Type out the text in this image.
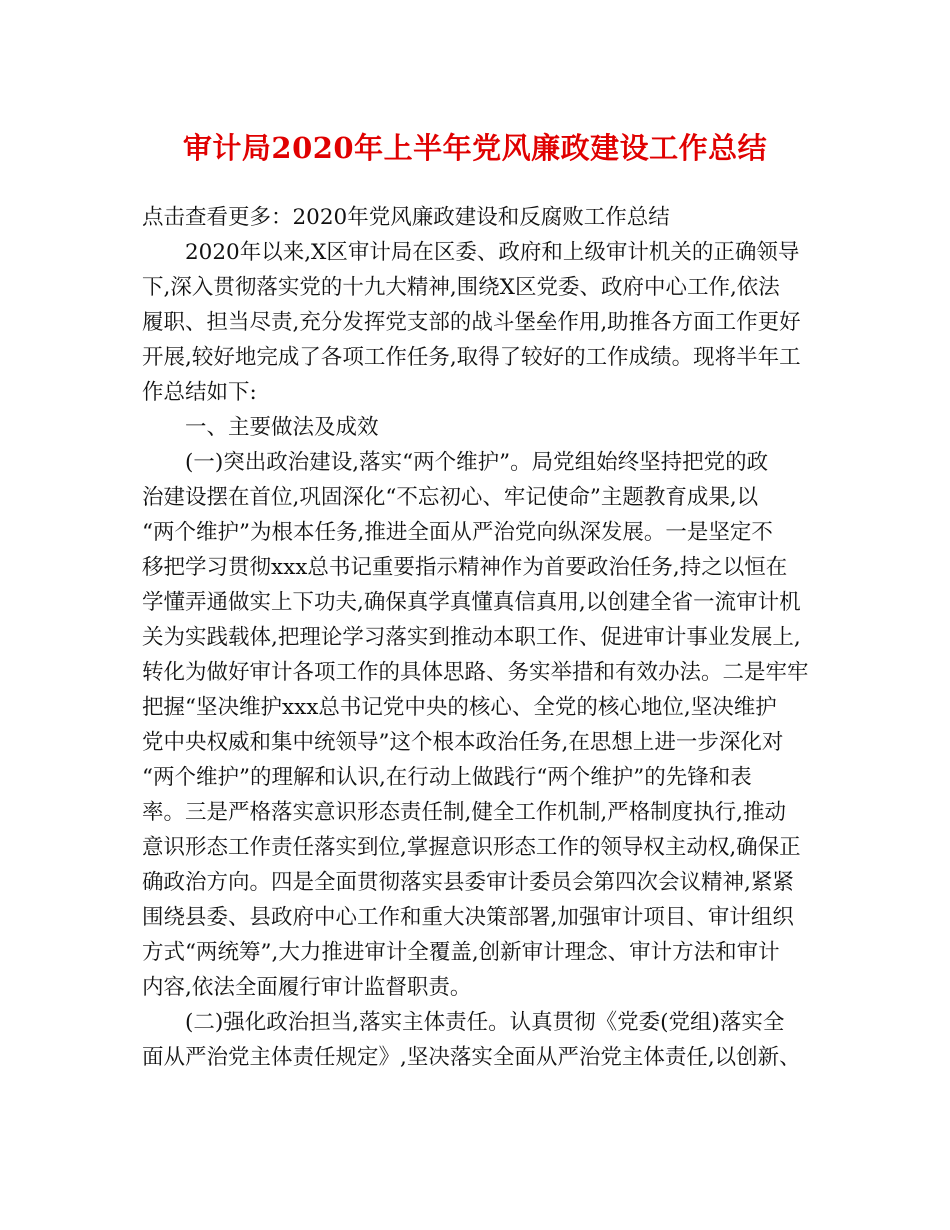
审计局2020年上半年党风廉政建设工作总结
点击查看更多：2020年党风廉政建设和反腐败工作总结
2020年以来,X区审计局在区委、政府和上级审计机关的正确领导
下,深入贯彻落实党的十九大精神,围绕X区党委、政府中心工作,依法
履职、担当尽责,充分发挥党支部的战斗堡垒作用,助推各方面工作更好
开展,较好地完成了各项工作任务,取得了较好的工作成绩。现将半年工
作总结如下:
一、主要做法及成效
(一)突出政治建设,落实“两个维护”。局党组始终坚持把党的政
治建设摆在首位,巩固深化“不忘初心、牢记使命”主题教育成果,以
“两个维护”为根本任务,推进全面从严治党向纵深发展。一是坚定不
移把学习贯彻xxx总书记重要指示精神作为首要政治任务,持之以恒在
学懂弄通做实上下功夫,确保真学真懂真信真用,以创建全省一流审计机
关为实践载体,把理论学习落实到推动本职工作、促进审计事业发展上,
转化为做好审计各项工作的具体思路、务实举措和有效办法。二是牢牢
把握“坚决维护xxx总书记党中央的核心、全党的核心地位,坚决维护
党中央权威和集中统领导”这个根本政治任务,在思想上进一步深化对
“两个维护”的理解和认识,在行动上做践行“两个维护”的先锋和表
率。三是严格落实意识形态责任制,健全工作机制,严格制度执行,推动
意识形态工作责任落实到位,掌握意识形态工作的领导权主动权,确保正
确政治方向。四是全面贯彻落实县委审计委员会第四次会议精神,紧紧
围绕县委、县政府中心工作和重大决策部署,加强审计项目、审计组织
方式“两统筹”,大力推进审计全覆盖,创新审计理念、审计方法和审计
内容,依法全面履行审计监督职责。
(二)强化政治担当,落实主体责任。认真贯彻《党委(党组)落实全
面从严治党主体责任规定》,坚决落实全面从严治党主体责任,以创新、
